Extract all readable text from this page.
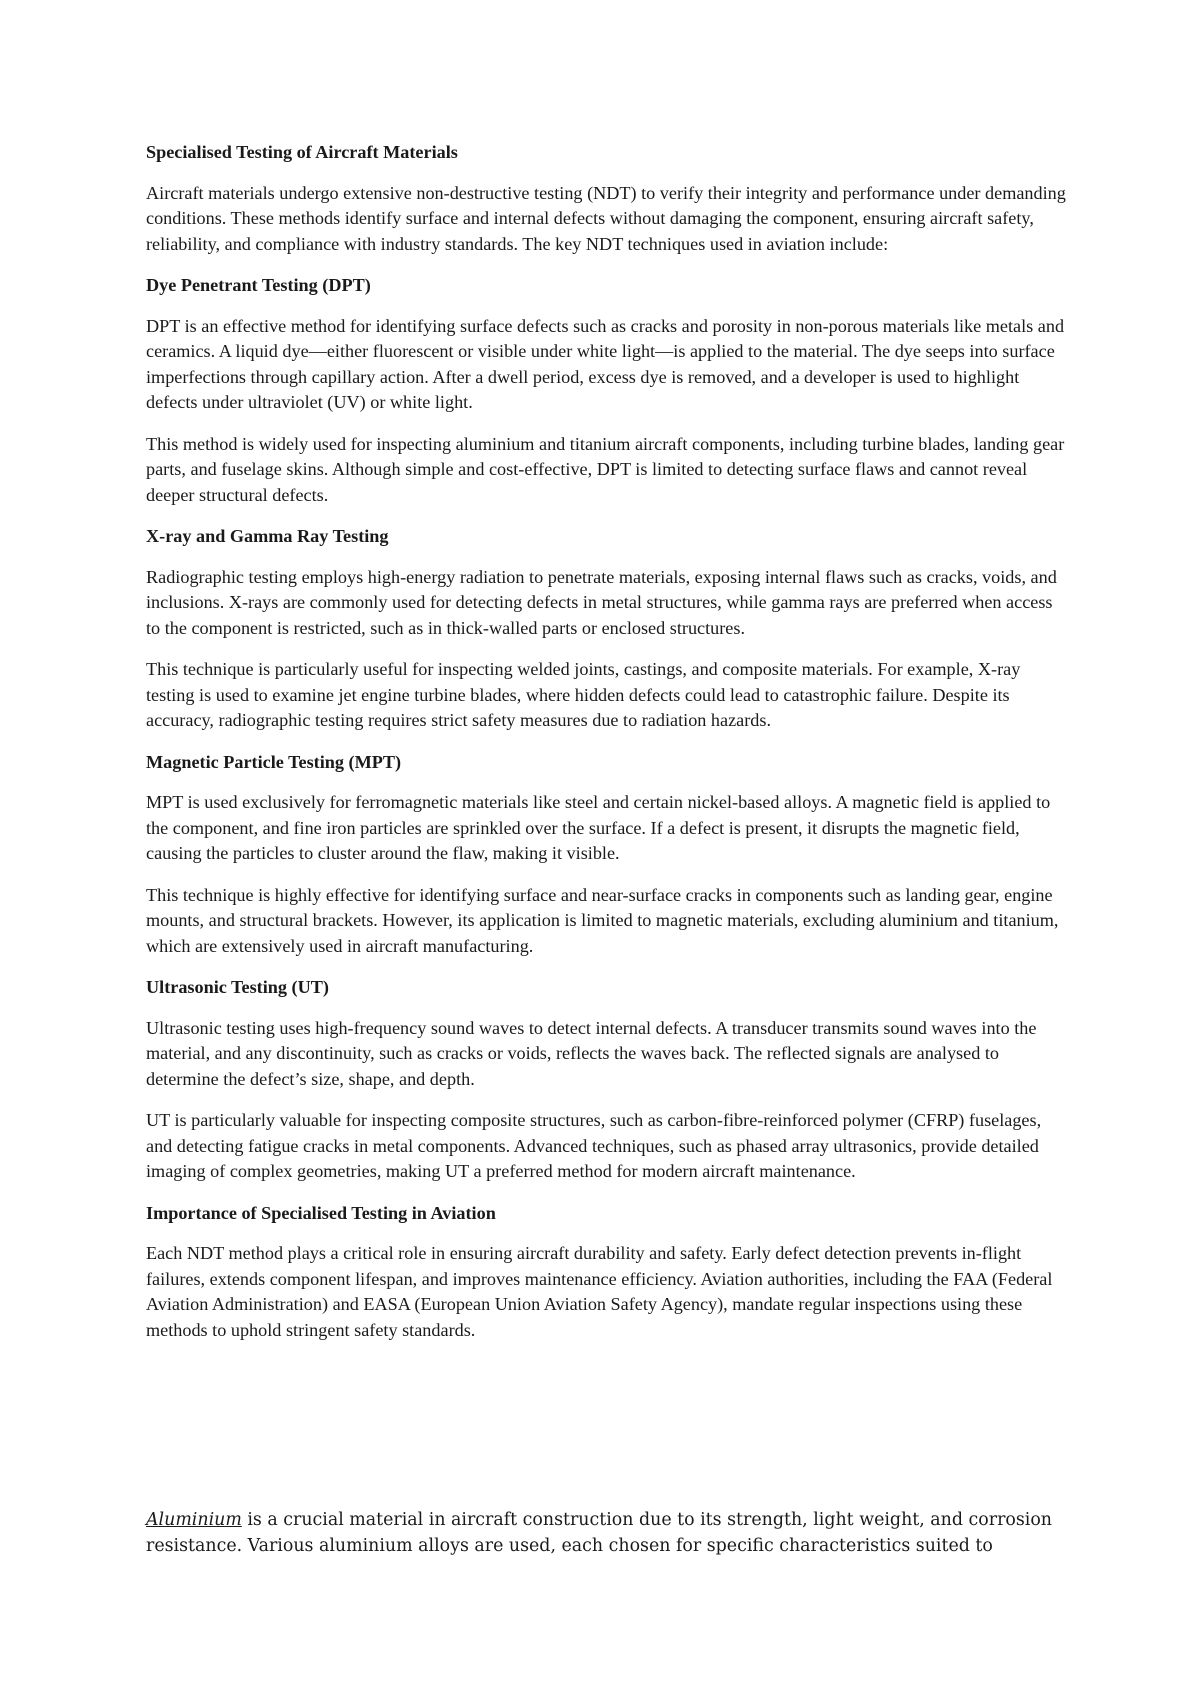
Specialised Testing of Aircraft Materials

Aircraft materials undergo extensive non-destructive testing (NDT) to verify their integrity and performance under demanding conditions. These methods identify surface and internal defects without damaging the component, ensuring aircraft safety, reliability, and compliance with industry standards. The key NDT techniques used in aviation include:

Dye Penetrant Testing (DPT)

DPT is an effective method for identifying surface defects such as cracks and porosity in non-porous materials like metals and ceramics. A liquid dye—either fluorescent or visible under white light—is applied to the material. The dye seeps into surface imperfections through capillary action. After a dwell period, excess dye is removed, and a developer is used to highlight defects under ultraviolet (UV) or white light.

This method is widely used for inspecting aluminium and titanium aircraft components, including turbine blades, landing gear parts, and fuselage skins. Although simple and cost-effective, DPT is limited to detecting surface flaws and cannot reveal deeper structural defects.

X-ray and Gamma Ray Testing

Radiographic testing employs high-energy radiation to penetrate materials, exposing internal flaws such as cracks, voids, and inclusions. X-rays are commonly used for detecting defects in metal structures, while gamma rays are preferred when access to the component is restricted, such as in thick-walled parts or enclosed structures.

This technique is particularly useful for inspecting welded joints, castings, and composite materials. For example, X-ray testing is used to examine jet engine turbine blades, where hidden defects could lead to catastrophic failure. Despite its accuracy, radiographic testing requires strict safety measures due to radiation hazards.

Magnetic Particle Testing (MPT)

MPT is used exclusively for ferromagnetic materials like steel and certain nickel-based alloys. A magnetic field is applied to the component, and fine iron particles are sprinkled over the surface. If a defect is present, it disrupts the magnetic field, causing the particles to cluster around the flaw, making it visible.

This technique is highly effective for identifying surface and near-surface cracks in components such as landing gear, engine mounts, and structural brackets. However, its application is limited to magnetic materials, excluding aluminium and titanium, which are extensively used in aircraft manufacturing.

Ultrasonic Testing (UT)

Ultrasonic testing uses high-frequency sound waves to detect internal defects. A transducer transmits sound waves into the material, and any discontinuity, such as cracks or voids, reflects the waves back. The reflected signals are analysed to determine the defect’s size, shape, and depth.

UT is particularly valuable for inspecting composite structures, such as carbon-fibre-reinforced polymer (CFRP) fuselages, and detecting fatigue cracks in metal components. Advanced techniques, such as phased array ultrasonics, provide detailed imaging of complex geometries, making UT a preferred method for modern aircraft maintenance.

Importance of Specialised Testing in Aviation

Each NDT method plays a critical role in ensuring aircraft durability and safety. Early defect detection prevents in-flight failures, extends component lifespan, and improves maintenance efficiency. Aviation authorities, including the FAA (Federal Aviation Administration) and EASA (European Union Aviation Safety Agency), mandate regular inspections using these methods to uphold stringent safety standards.

Aluminium is a crucial material in aircraft construction due to its strength, light weight, and corrosion resistance. Various aluminium alloys are used, each chosen for specific characteristics suited to
